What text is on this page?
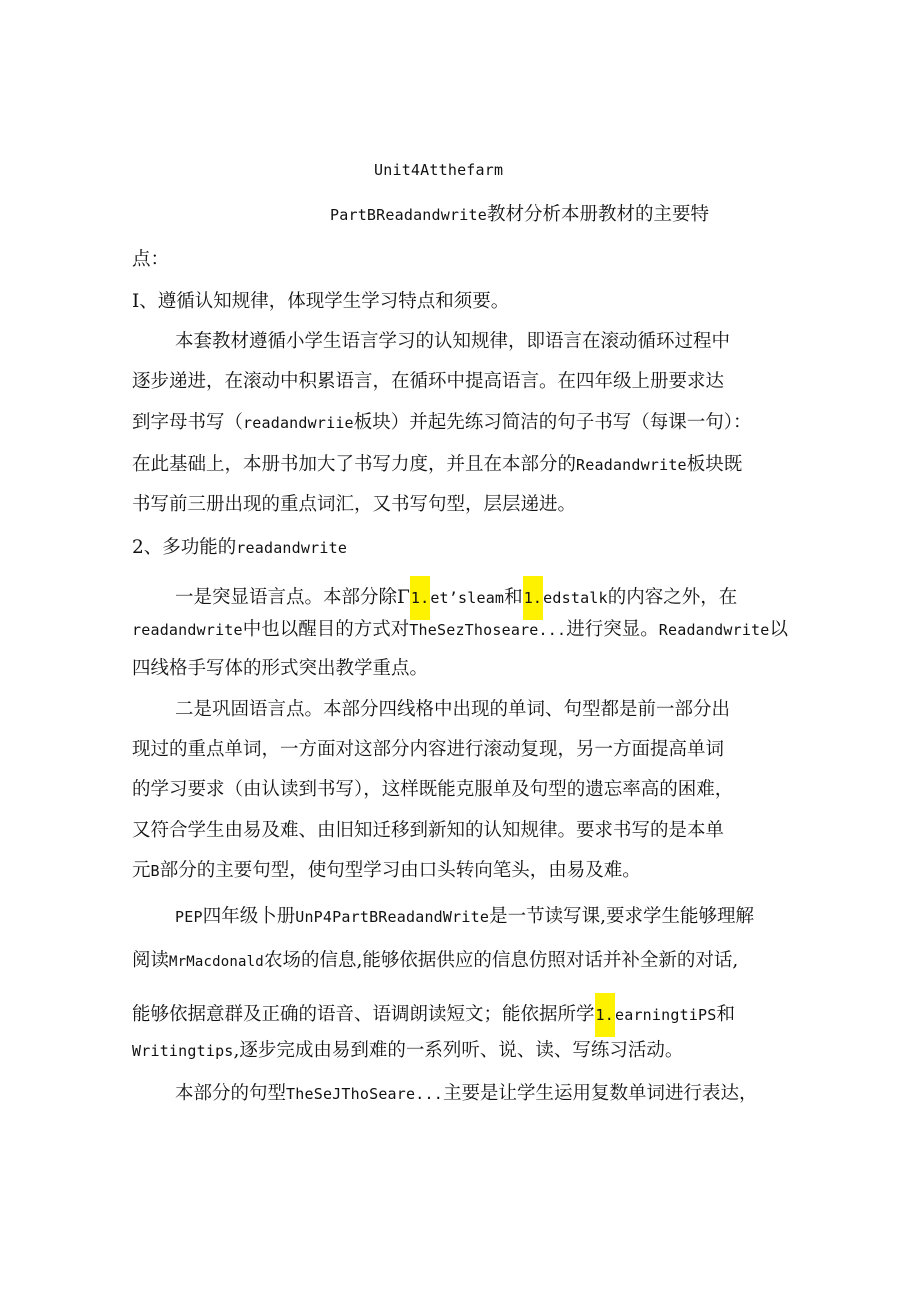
Unit4Atthefarm
PartBReadandwrite教材分析本册教材的主要特
点：
I、遵循认知规律，体现学生学习特点和须要。
本套教材遵循小学生语言学习的认知规律，即语言在滚动循环过程中
逐步递进，在滚动中积累语言，在循环中提高语言。在四年级上册要求达
到字母书写（readandwriie板块）并起先练习简洁的句子书写（每课一句）：
在此基础上，本册书加大了书写力度，并且在本部分的Readandwrite板块既
书写前三册出现的重点词汇，又书写句型，层层递进。
2、多功能的readandwrite
一是突显语言点。本部分除Γ1.et’sleam和1.edstalk的内容之外，在
readandwrite中也以醒目的方式对TheSezThoseare...进行突显。Readandwrite以
四线格手写体的形式突出教学重点。
二是巩固语言点。本部分四线格中出现的单词、句型都是前一部分出
现过的重点单词，一方面对这部分内容进行滚动复现，另一方面提高单词
的学习要求（由认读到书写），这样既能克服单及句型的遗忘率高的困难，
又符合学生由易及难、由旧知迁移到新知的认知规律。要求书写的是本单
元B部分的主要句型，使句型学习由口头转向笔头，由易及难。
PEP四年级卜册UnP4PartBReadandWrite是一节读写课,要求学生能够理解
阅读MrMacdonald农场的信息,能够依据供应的信息仿照对话并补全新的对话,
能够依据意群及正确的语音、语调朗读短文；能依据所学1.earningtiPS和
Writingtips,逐步完成由易到难的一系列听、说、读、写练习活动。
本部分的句型TheSeJThoSeare...主要是让学生运用复数单词进行表达，
